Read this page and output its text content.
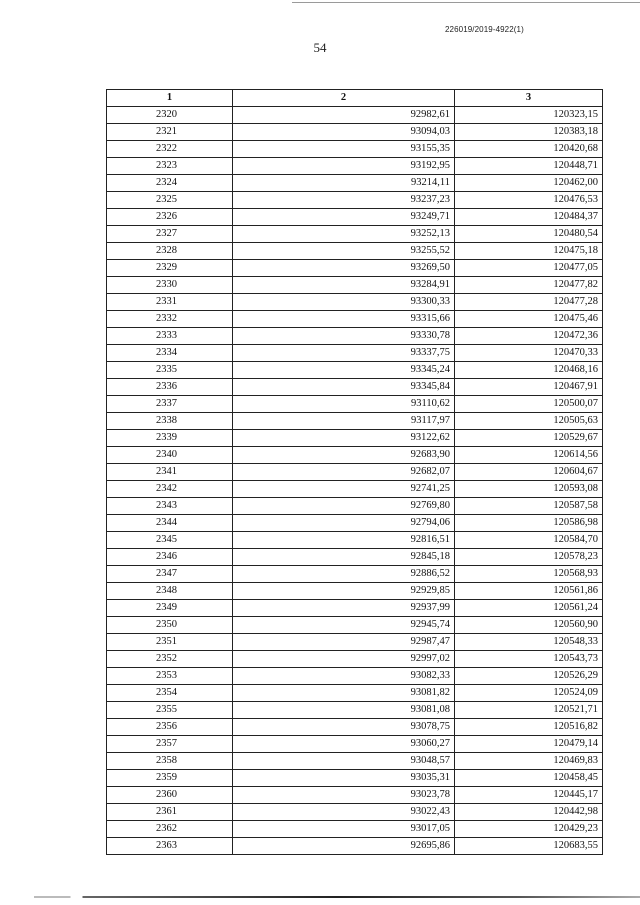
226019/2019-4922(1)
54
1	2	3
2320	92982,61	120323,15
2321	93094,03	120383,18
2322	93155,35	120420,68
2323	93192,95	120448,71
2324	93214,11	120462,00
2325	93237,23	120476,53
2326	93249,71	120484,37
2327	93252,13	120480,54
2328	93255,52	120475,18
2329	93269,50	120477,05
2330	93284,91	120477,82
2331	93300,33	120477,28
2332	93315,66	120475,46
2333	93330,78	120472,36
2334	93337,75	120470,33
2335	93345,24	120468,16
2336	93345,84	120467,91
2337	93110,62	120500,07
2338	93117,97	120505,63
2339	93122,62	120529,67
2340	92683,90	120614,56
2341	92682,07	120604,67
2342	92741,25	120593,08
2343	92769,80	120587,58
2344	92794,06	120586,98
2345	92816,51	120584,70
2346	92845,18	120578,23
2347	92886,52	120568,93
2348	92929,85	120561,86
2349	92937,99	120561,24
2350	92945,74	120560,90
2351	92987,47	120548,33
2352	92997,02	120543,73
2353	93082,33	120526,29
2354	93081,82	120524,09
2355	93081,08	120521,71
2356	93078,75	120516,82
2357	93060,27	120479,14
2358	93048,57	120469,83
2359	93035,31	120458,45
2360	93023,78	120445,17
2361	93022,43	120442,98
2362	93017,05	120429,23
2363	92695,86	120683,55
